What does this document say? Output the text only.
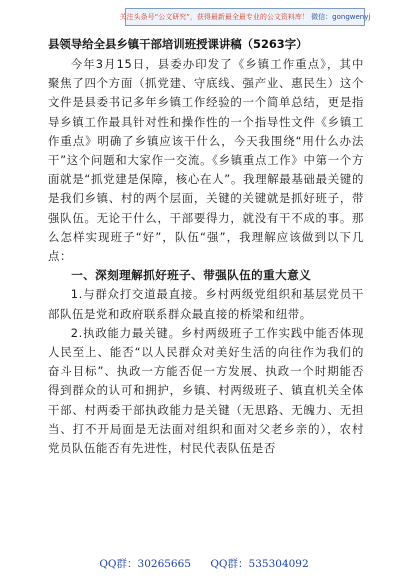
关注头条号“公文研究”，获得最新最全最专业的公文资料库！
微信： gongwenyj
县领导给全县乡镇干部培训班授课讲稿（5263字）

今年3月15日，县委办印发了《乡镇工作重点》，其中聚焦了四个方面（抓党建、守底线、强产业、惠民生）这个文件是县委书记多年乡镇工作经验的一个简单总结，更是指导乡镇工作最具针对性和操作性的一个指导性文件《乡镇工作重点》明确了乡镇应该干什么，今天我围绕“用什么办法干”这个问题和大家作一交流。《乡镇重点工作》中第一个方面就是“抓党建是保障，核心在人”。我理解最基础最关键的是我们乡镇、村的两个层面，关键的关键就是抓好班子，带强队伍。无论干什么，干部要得力，就没有干不成的事。那么怎样实现班子“好”，队伍“强”，我理解应该做到以下几点：

一、深刻理解抓好班子、带强队伍的重大意义

1.与群众打交道最直接。乡村两级党组织和基层党员干部队伍是党和政府联系群众最直接的桥梁和纽带。

2.执政能力最关键。乡村两级班子工作实践中能否体现人民至上、能否“以人民群众对美好生活的向往作为我们的奋斗目标”、执政一方能否促一方发展、执政一个时期能否得到群众的认可和拥护，乡镇、村两级班子、镇直机关全体干部、村两委干部执政能力是关键（无思路、无魄力、无担当、打不开局面是无法面对组织和面对父老乡亲的），农村党员队伍能否有先进性，村民代表队伍是否

QQ群：30265665 QQ群：535304092
